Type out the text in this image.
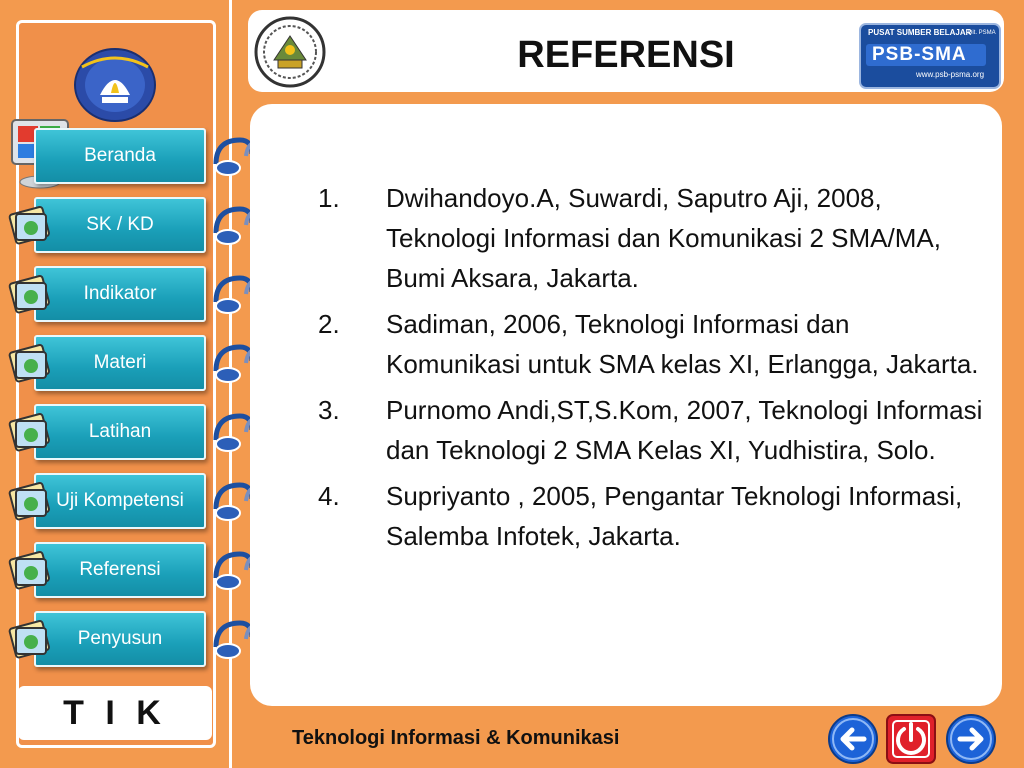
Beranda
SK / KD
Indikator
Materi
Latihan
Uji Kompetensi
Referensi
Penyusun
T I K
REFERENSI
PUSAT SUMBER BELAJAR
PSB-SMA
Dit. PSMA
www.psb-psma.org
1.	Dwihandoyo.A, Suwardi, Saputro Aji, 2008, Teknologi Informasi dan Komunikasi 2 SMA/MA, Bumi Aksara, Jakarta.
2.	Sadiman, 2006, Teknologi Informasi dan Komunikasi untuk SMA kelas XI, Erlangga, Jakarta.
3.	Purnomo Andi,ST,S.Kom, 2007, Teknologi Informasi dan Teknologi 2 SMA Kelas XI, Yudhistira, Solo.
4.	Supriyanto , 2005, Pengantar Teknologi Informasi, Salemba Infotek, Jakarta.
Teknologi Informasi & Komunikasi
